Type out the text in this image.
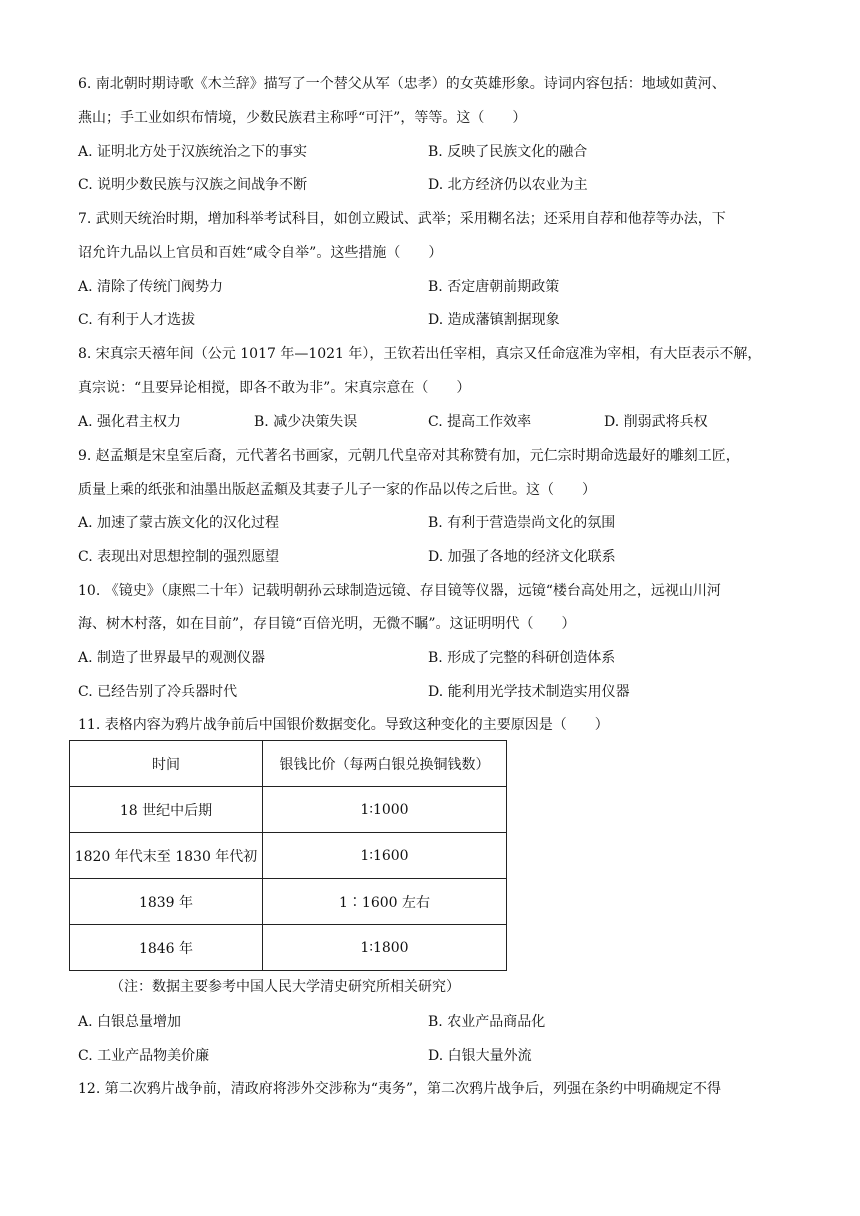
6. 南北朝时期诗歌《木兰辞》描写了一个替父从军（忠孝）的女英雄形象。诗词内容包括：地域如黄河、
燕山；手工业如织布情境，少数民族君主称呼“可汗”，等等。这（　　）
A. 证明北方处于汉族统治之下的事实	B. 反映了民族文化的融合
C. 说明少数民族与汉族之间战争不断	D. 北方经济仍以农业为主
7. 武则天统治时期，增加科举考试科目，如创立殿试、武举；采用糊名法；还采用自荐和他荐等办法，下
诏允许九品以上官员和百姓“咸令自举”。这些措施（　　）
A. 清除了传统门阀势力	B. 否定唐朝前期政策
C. 有利于人才选拔	D. 造成藩镇割据现象
8. 宋真宗天禧年间（公元 1017 年—1021 年），王钦若出任宰相，真宗又任命寇准为宰相，有大臣表示不解，
真宗说：“且要异论相搅，即各不敢为非”。宋真宗意在（　　）
A. 强化君主权力	B. 减少决策失误	C. 提高工作效率	D. 削弱武将兵权
9. 赵孟頫是宋皇室后裔，元代著名书画家，元朝几代皇帝对其称赞有加，元仁宗时期命选最好的雕刻工匠，
质量上乘的纸张和油墨出版赵孟頫及其妻子儿子一家的作品以传之后世。这（　　）
A. 加速了蒙古族文化的汉化过程	B. 有利于营造崇尚文化的氛围
C. 表现出对思想控制的强烈愿望	D. 加强了各地的经济文化联系
10. 《镜史》（康熙二十年）记载明朝孙云球制造远镜、存目镜等仪器，远镜“楼台高处用之，远视山川河
海、树木村落，如在目前”，存目镜“百倍光明，无微不瞩”。这证明明代（　　）
A. 制造了世界最早的观测仪器	B. 形成了完整的科研创造体系
C. 已经告别了冷兵器时代	D. 能利用光学技术制造实用仪器
11. 表格内容为鸦片战争前后中国银价数据变化。导致这种变化的主要原因是（　　）
时间	银钱比价（每两白银兑换铜钱数）
18 世纪中后期	1∶1000
1820 年代末至 1830 年代初	1∶1600
1839 年	1∶1600 左右
1846 年	1∶1800
（注：数据主要参考中国人民大学清史研究所相关研究）
A. 白银总量增加	B. 农业产品商品化
C. 工业产品物美价廉	D. 白银大量外流
12. 第二次鸦片战争前，清政府将涉外交涉称为“夷务”，第二次鸦片战争后，列强在条约中明确规定不得
